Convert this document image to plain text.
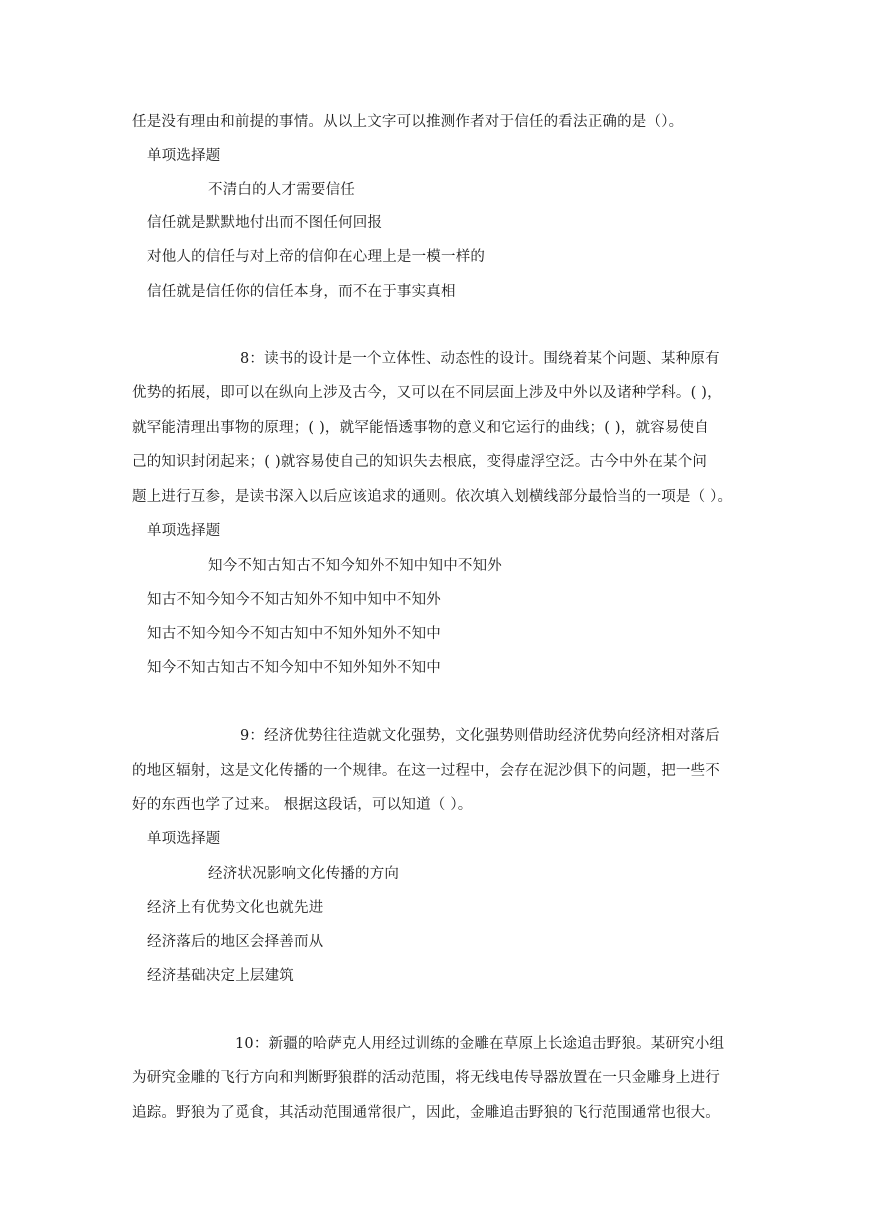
任是没有理由和前提的事情。从以上文字可以推测作者对于信任的看法正确的是（）。
单项选择题
不清白的人才需要信任
信任就是默默地付出而不图任何回报
对他人的信任与对上帝的信仰在心理上是一模一样的
信任就是信任你的信任本身，而不在于事实真相
8：读书的设计是一个立体性、动态性的设计。围绕着某个问题、某种原有
优势的拓展，即可以在纵向上涉及古今，又可以在不同层面上涉及中外以及诸种学科。( )，
就罕能清理出事物的原理；( )，就罕能悟透事物的意义和它运行的曲线；( )，就容易使自
己的知识封闭起来；( )就容易使自己的知识失去根底，变得虚浮空泛。古今中外在某个问
题上进行互参，是读书深入以后应该追求的通则。依次填入划横线部分最恰当的一项是（ ）。
单项选择题
知今不知古知古不知今知外不知中知中不知外
知古不知今知今不知古知外不知中知中不知外
知古不知今知今不知古知中不知外知外不知中
知今不知古知古不知今知中不知外知外不知中
9：经济优势往往造就文化强势，文化强势则借助经济优势向经济相对落后
的地区辐射，这是文化传播的一个规律。在这一过程中，会存在泥沙俱下的问题，把一些不
好的东西也学了过来。 根据这段话，可以知道（ ）。
单项选择题
经济状况影响文化传播的方向
经济上有优势文化也就先进
经济落后的地区会择善而从
经济基础决定上层建筑
10：新疆的哈萨克人用经过训练的金雕在草原上长途追击野狼。某研究小组
为研究金雕的飞行方向和判断野狼群的活动范围，将无线电传导器放置在一只金雕身上进行
追踪。野狼为了觅食，其活动范围通常很广，因此，金雕追击野狼的飞行范围通常也很大。
